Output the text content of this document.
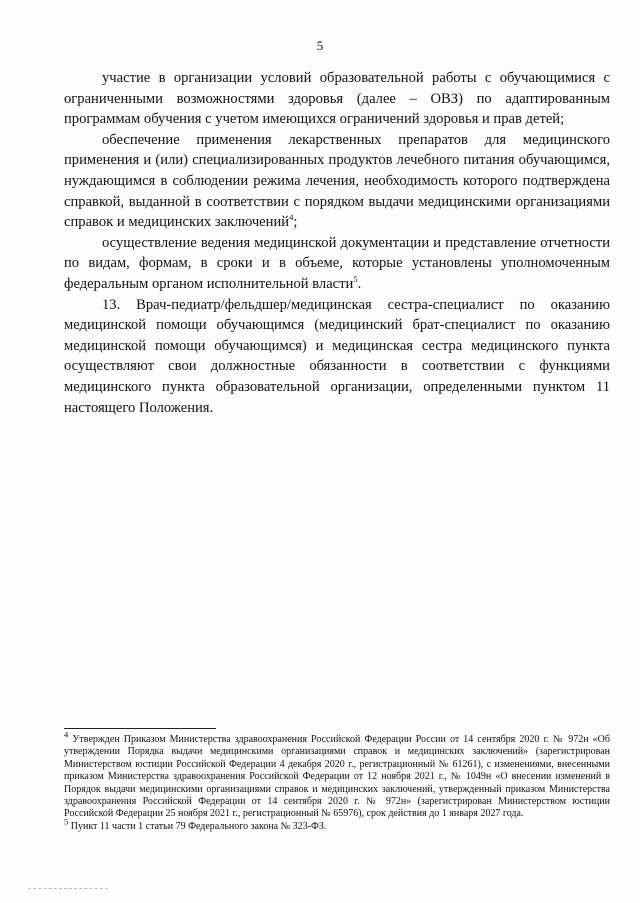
5

участие в организации условий образовательной работы с обучающимися с ограниченными возможностями здоровья (далее – ОВЗ) по адаптированным программам обучения с учетом имеющихся ограничений здоровья и прав детей;

обеспечение применения лекарственных препаратов для медицинского применения и (или) специализированных продуктов лечебного питания обучающимся, нуждающимся в соблюдении режима лечения, необходимость которого подтверждена справкой, выданной в соответствии с порядком выдачи медицинскими организациями справок и медицинских заключений$^4$;

осуществление ведения медицинской документации и представление отчетности по видам, формам, в сроки и в объеме, которые установлены уполномоченным федеральным органом исполнительной власти$^5$.

13. Врач-педиатр/фельдшер/медицинская сестра-специалист по оказанию медицинской помощи обучающимся (медицинский брат-специалист по оказанию медицинской помощи обучающимся) и медицинская сестра медицинского пункта осуществляют свои должностные обязанности в соответствии с функциями медицинского пункта образовательной организации, определенными пунктом 11 настоящего Положения.

$^4$ Утвержден Приказом Министерства здравоохранения Российской Федерации России от 14 сентября 2020 г. № 972н «Об утверждении Порядка выдачи медицинскими организациями справок и медицинских заключений» (зарегистрирован Министерством юстиции Российской Федерации 4 декабря 2020 г., регистрационный № 61261), с изменениями, внесенными приказом Министерства здравоохранения Российской Федерации от 12 ноября 2021 г., № 1049н «О внесении изменений в Порядок выдачи медицинскими организациями справок и медицинских заключений, утвержденный приказом Министерства здравоохранения Российской Федерации от 14 сентября 2020 г. № 972н» (зарегистрирован Министерством юстиции Российской Федерации 25 ноября 2021 г., регистрационный № 65976), срок действия до 1 января 2027 года.

$^5$ Пункт 11 части 1 статьи 79 Федерального закона № 323-ФЗ.
